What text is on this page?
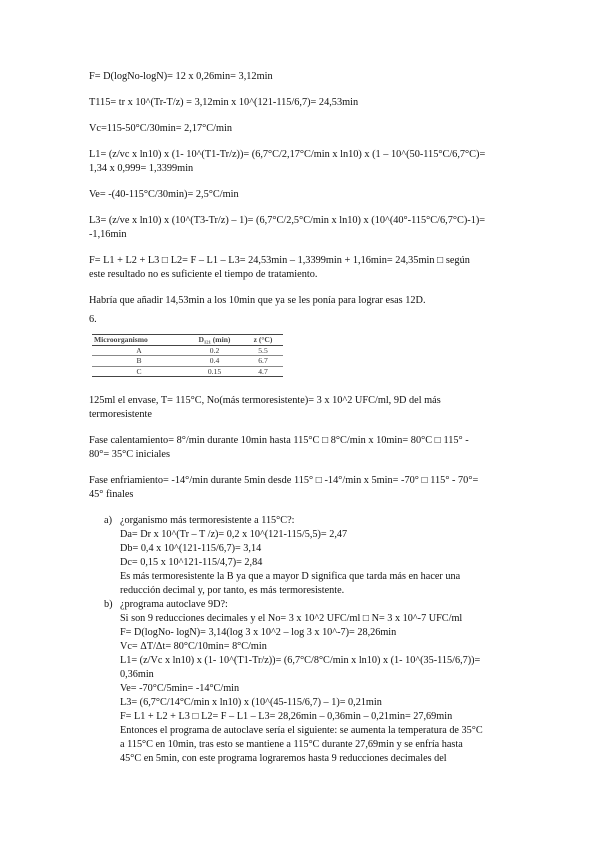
F= D(logNo-logN)= 12 x 0,26min= 3,12min

T115= tr x 10^(Tr-T/z) = 3,12min x 10^(121-115/6,7)= 24,53min

Vc=115-50°C/30min= 2,17°C/min

L1= (z/vc x ln10) x (1- 10^(T1-Tr/z))= (6,7°C/2,17°C/min x ln10) x (1 – 10^(50-115°C/6,7°C)=

1,34 x 0,999= 1,3399min

Ve= -(40-115°C/30min)= 2,5°C/min

L3= (z/ve x ln10) x (10^(T3-Tr/z) – 1)= (6,7°C/2,5°C/min x ln10) x (10^(40°-115°C/6,7°C)-1)=

-1,16min

F= L1 + L2 + L3 □ L2= F – L1 – L3= 24,53min – 1,3399min + 1,16min= 24,35min □ según

este resultado no es suficiente el tiempo de tratamiento.

Habría que añadir 14,53min a los 10min que ya se les ponía para lograr esas 12D.

6.

Microorganismo	D₁₂₁ (min)	z (°C)
A	0.2	5.5
B	0.4	6.7
C	0.15	4.7

125ml el envase, T= 115°C, No(más termoresistente)= 3 x 10^2 UFC/ml, 9D del más

termoresistente

Fase calentamiento= 8°/min durante 10min hasta 115°C □ 8°C/min x 10min= 80°C □ 115° -

80°= 35°C iniciales

Fase enfriamiento= -14°/min durante 5min desde 115° □ -14°/min x 5min= -70° □ 115° - 70°=

45° finales

a) ¿organismo más termoresistente a 115°C?:

Da= Dr x 10^(Tr – T /z)= 0,2 x 10^(121-115/5,5)= 2,47

Db= 0,4 x 10^(121-115/6,7)= 3,14

Dc= 0,15 x 10^121-115/4,7)= 2,84

Es más termoresistente la B ya que a mayor D significa que tarda más en hacer una

reducción decimal y, por tanto, es más termoresistente.

b) ¿programa autoclave 9D?:

Si son 9 reducciones decimales y el No= 3 x 10^2 UFC/ml □ N= 3 x 10^-7 UFC/ml

F= D(logNo- logN)= 3,14(log 3 x 10^2 – log 3 x 10^-7)= 28,26min

Vc= ΔT/Δt= 80°C/10min= 8°C/min

L1= (z/Vc x ln10) x (1- 10^(T1-Tr/z))= (6,7°C/8°C/min x ln10) x (1- 10^(35-115/6,7))=

0,36min

Ve= -70°C/5min= -14°C/min

L3= (6,7°C/14°C/min x ln10) x (10^(45-115/6,7) – 1)= 0,21min

F= L1 + L2 + L3 □ L2= F – L1 – L3= 28,26min – 0,36min – 0,21min= 27,69min

Entonces el programa de autoclave sería el siguiente: se aumenta la temperatura de 35°C

a 115°C en 10min, tras esto se mantiene a 115°C durante 27,69min y se enfría hasta

45°C en 5min, con este programa lograremos hasta 9 reducciones decimales del
